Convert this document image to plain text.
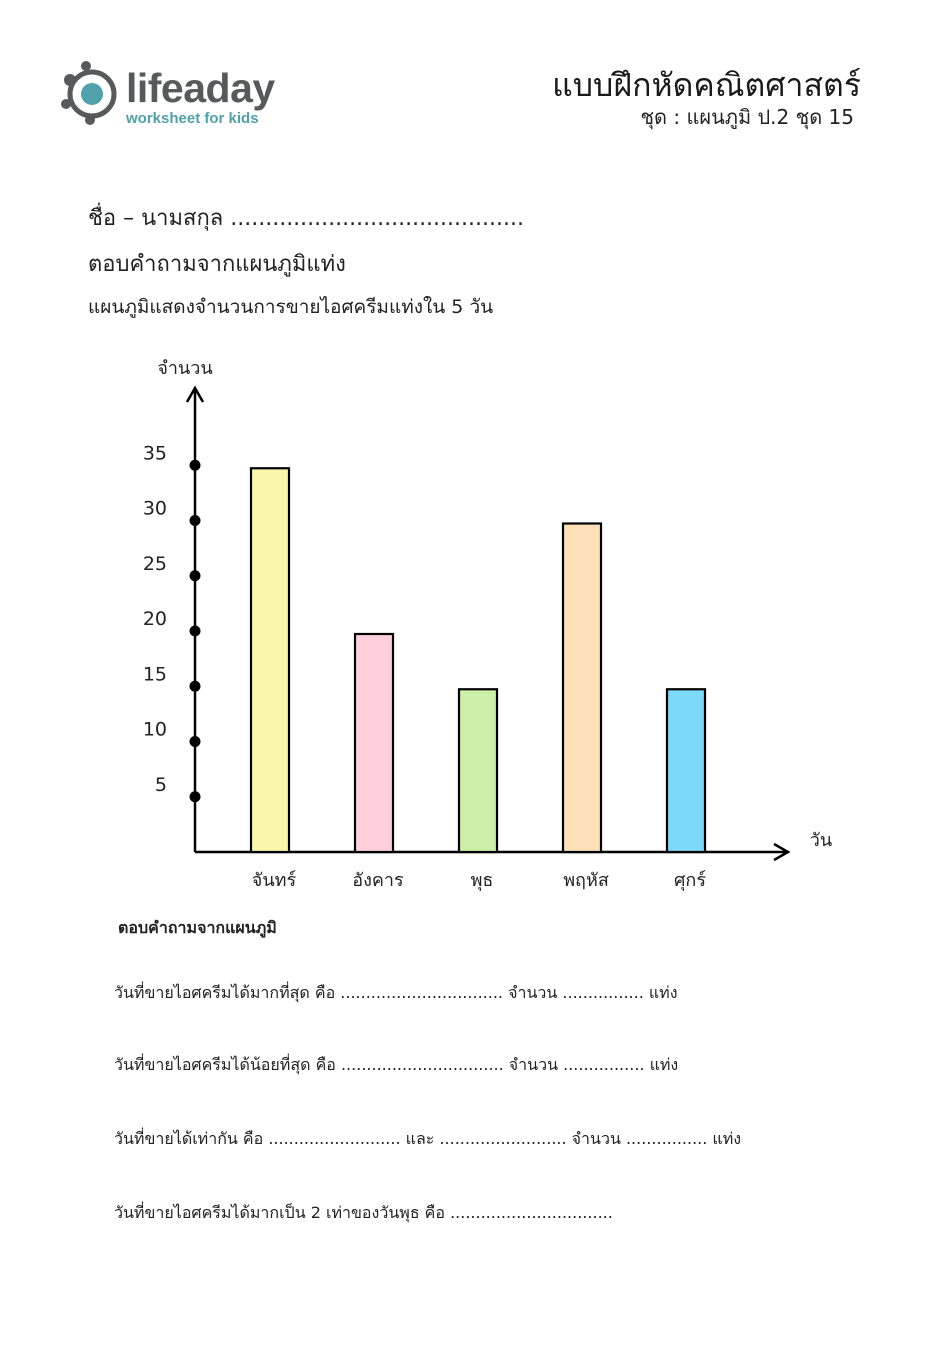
lifeaday
worksheet for kids
แบบฝึกหัดคณิตศาสตร์
ชุด : แผนภูมิ ป.2 ชุด 15
ชื่อ – นามสกุล ..........................................
ตอบคำถามจากแผนภูมิแท่ง
แผนภูมิแสดงจำนวนการขายไอศครีมแท่งใน 5 วัน
จำนวน
วัน
5
10
15
20
25
30
35
จันทร์	อังคาร	พุธ	พฤหัส	ศุกร์
ตอบคำถามจากแผนภูมิ
วันที่ขายไอศครีมได้มากที่สุด คือ ................................ จำนวน ................ แท่ง
วันที่ขายไอศครีมได้น้อยที่สุด คือ ................................ จำนวน ................ แท่ง
วันที่ขายได้เท่ากัน คือ .......................... และ ......................... จำนวน ................ แท่ง
วันที่ขายไอศครีมได้มากเป็น 2 เท่าของวันพุธ คือ ................................
